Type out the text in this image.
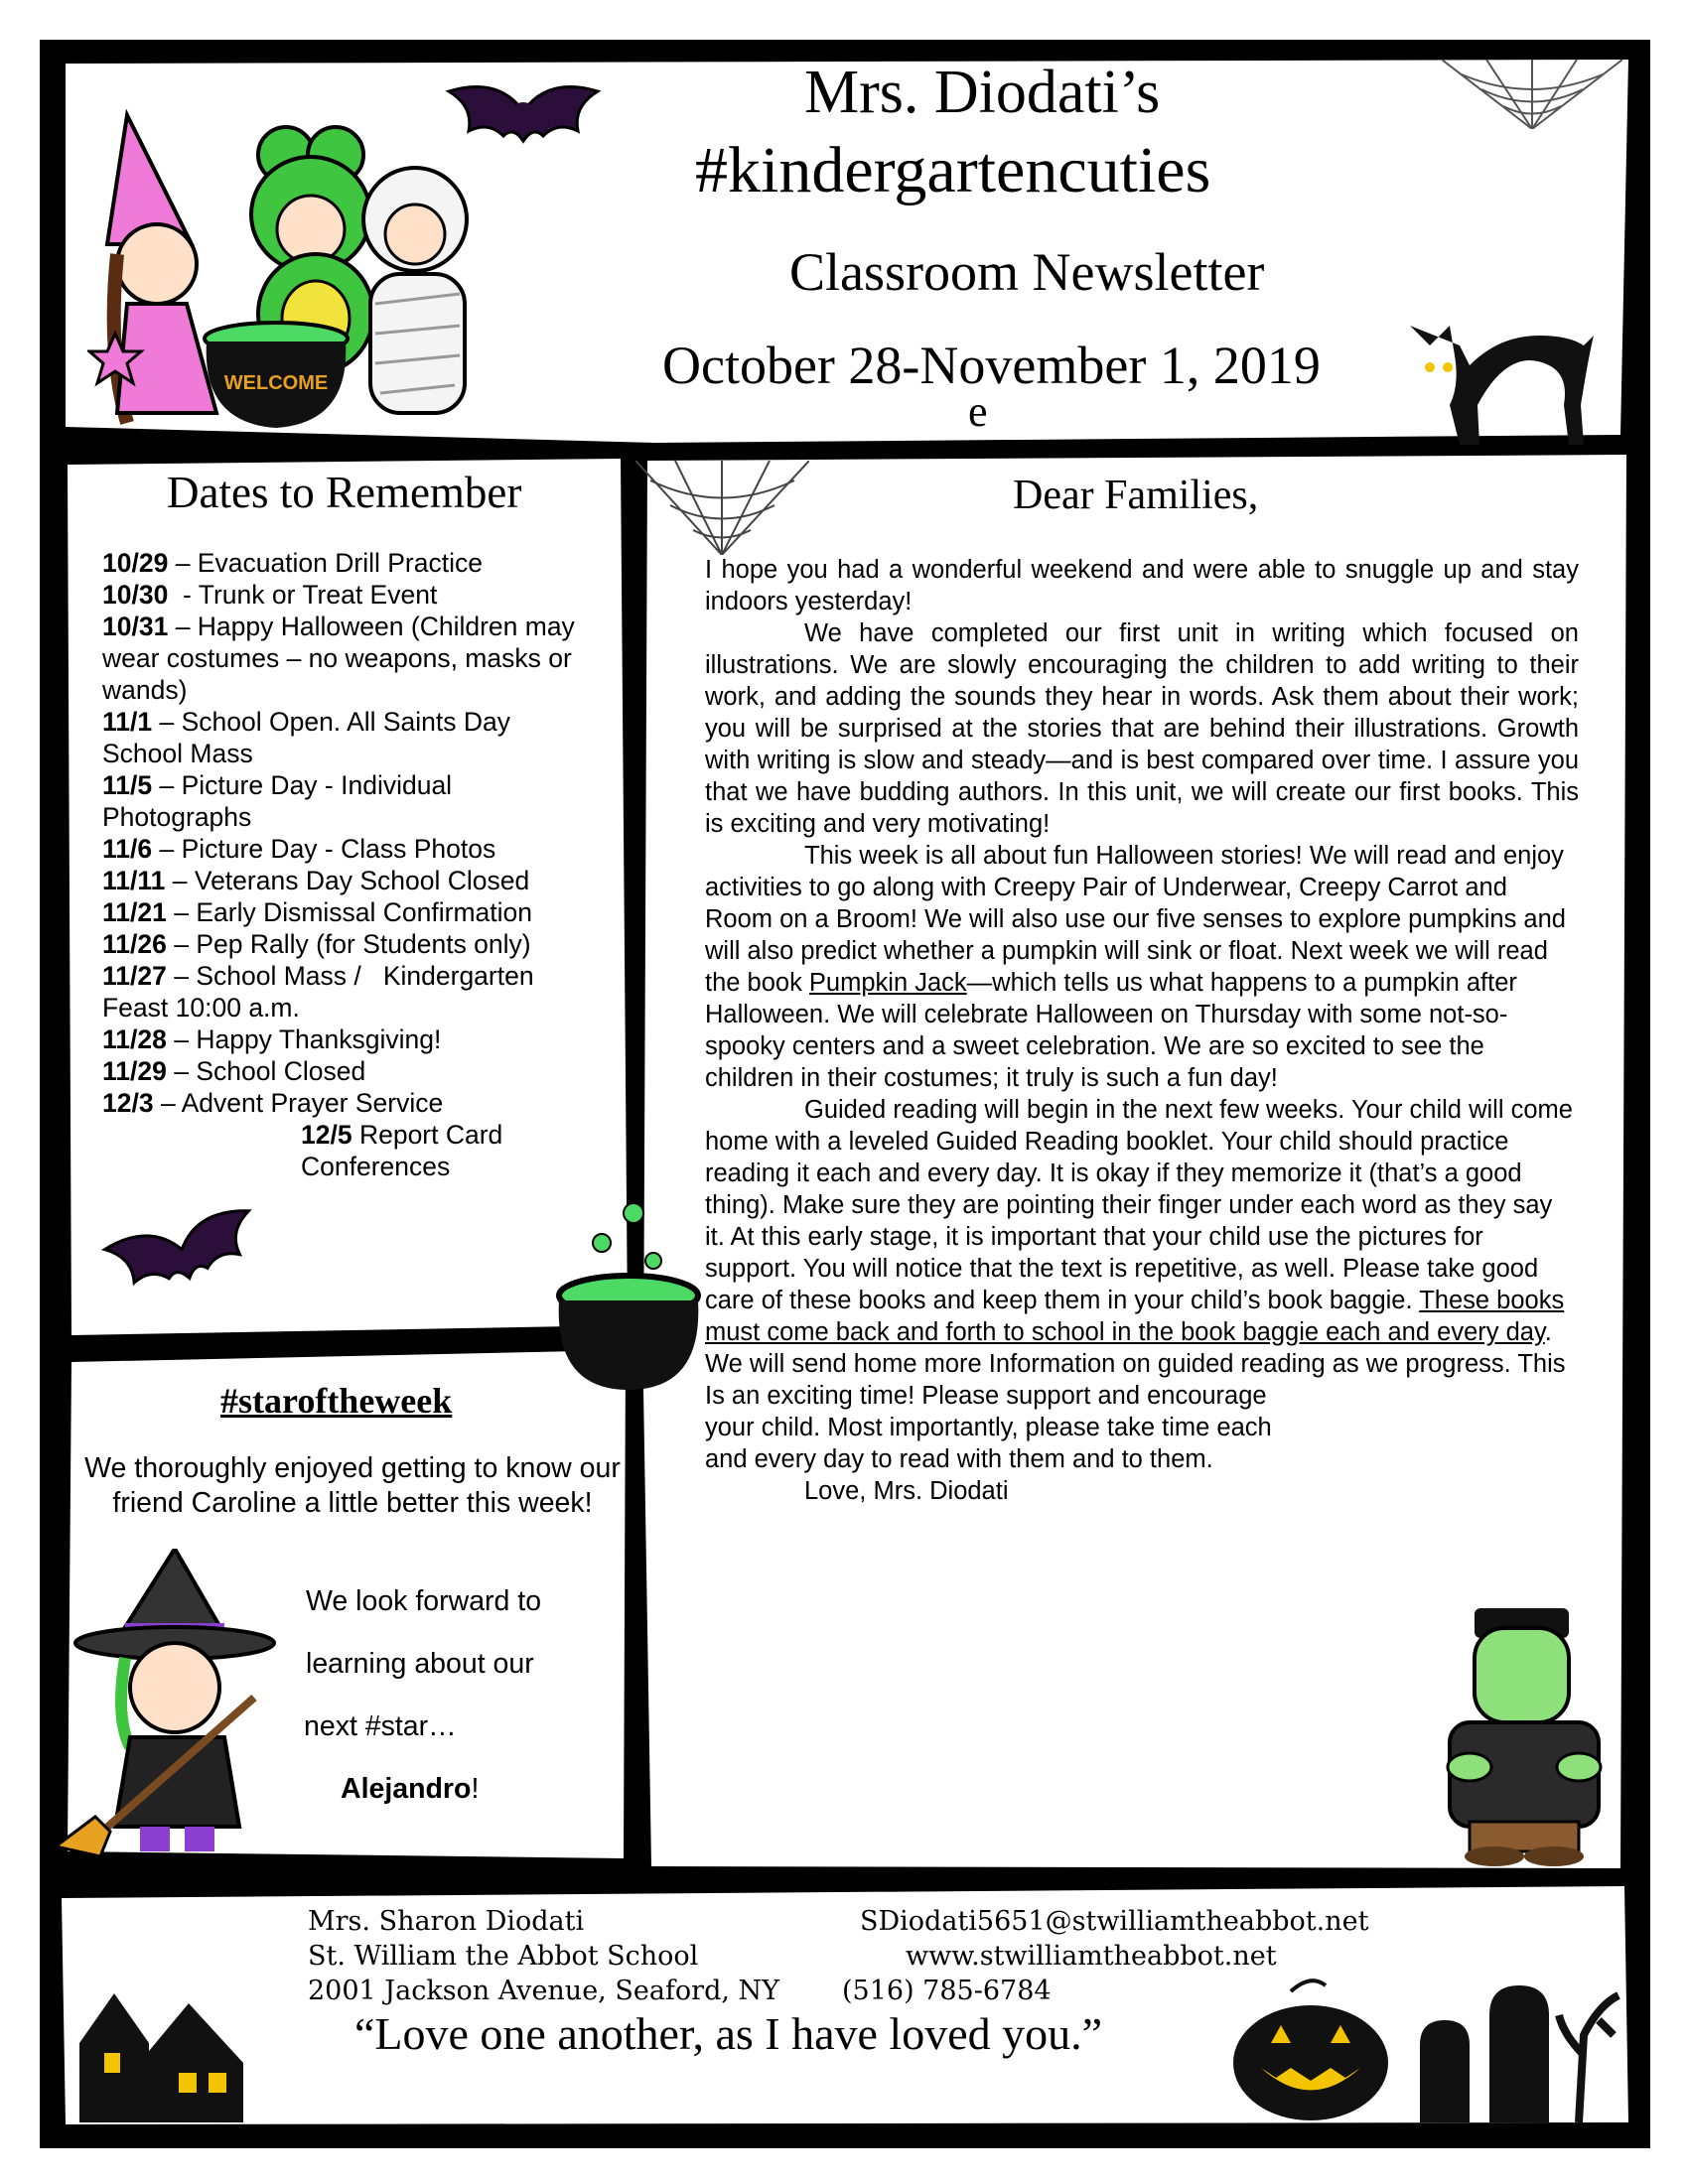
WELCOME
Mrs. Diodati’s
#kindergartencuties
Classroom Newsletter
October 28-November 1, 2019
e
Dates to Remember
10/29 – Evacuation Drill Practice
10/30  - Trunk or Treat Event
10/31 – Happy Halloween (Children may wear costumes – no weapons, masks or wands)
11/1 – School Open. All Saints Day School Mass
11/5 – Picture Day - Individual Photographs
11/6 – Picture Day - Class Photos
11/11 – Veterans Day School Closed
11/21 – Early Dismissal Confirmation
11/26 – Pep Rally (for Students only)
11/27 – School Mass /   Kindergarten Feast 10:00 a.m.
11/28 – Happy Thanksgiving!
11/29 – School Closed
12/3 – Advent Prayer Service
12/5 Report Card Conferences
Dear Families,

I hope you had a wonderful weekend and were able to snuggle up and stay indoors yesterday!

We have completed our first unit in writing which focused on illustrations. We are slowly encouraging the children to add writing to their work, and adding the sounds they hear in words. Ask them about their work; you will be surprised at the stories that are behind their illustrations. Growth with writing is slow and steady—and is best compared over time. I assure you that we have budding authors. In this unit, we will create our first books. This is exciting and very motivating!

This week is all about fun Halloween stories! We will read and enjoy activities to go along with Creepy Pair of Underwear, Creepy Carrot and Room on a Broom! We will also use our five senses to explore pumpkins and will also predict whether a pumpkin will sink or float. Next week we will read the book Pumpkin Jack—which tells us what happens to a pumpkin after Halloween. We will celebrate Halloween on Thursday with some not-so-spooky centers and a sweet celebration. We are so excited to see the children in their costumes; it truly is such a fun day!

Guided reading will begin in the next few weeks. Your child will come home with a leveled Guided Reading booklet. Your child should practice reading it each and every day. It is okay if they memorize it (that’s a good thing). Make sure they are pointing their finger under each word as they say it. At this early stage, it is important that your child use the pictures for support. You will notice that the text is repetitive, as well. Please take good care of these books and keep them in your child’s book baggie. These books must come back and forth to school in the book baggie each and every day. We will send home more Information on guided reading as we progress. This

Is an exciting time! Please support and encourage

your child. Most importantly, please take time each

and every day to read with them and to them.

Love, Mrs. Diodati

#staroftheweek
We thoroughly enjoyed getting to know our friend Caroline a little better this week!
We look forward to
learning about our
next #star…
Alejandro!
Mrs. Sharon Diodati
St. William the Abbot School
2001 Jackson Avenue, Seaford, NY
SDiodati5651@stwilliamtheabbot.net
www.stwilliamtheabbot.net
(516) 785-6784
“Love one another, as I have loved you.”
